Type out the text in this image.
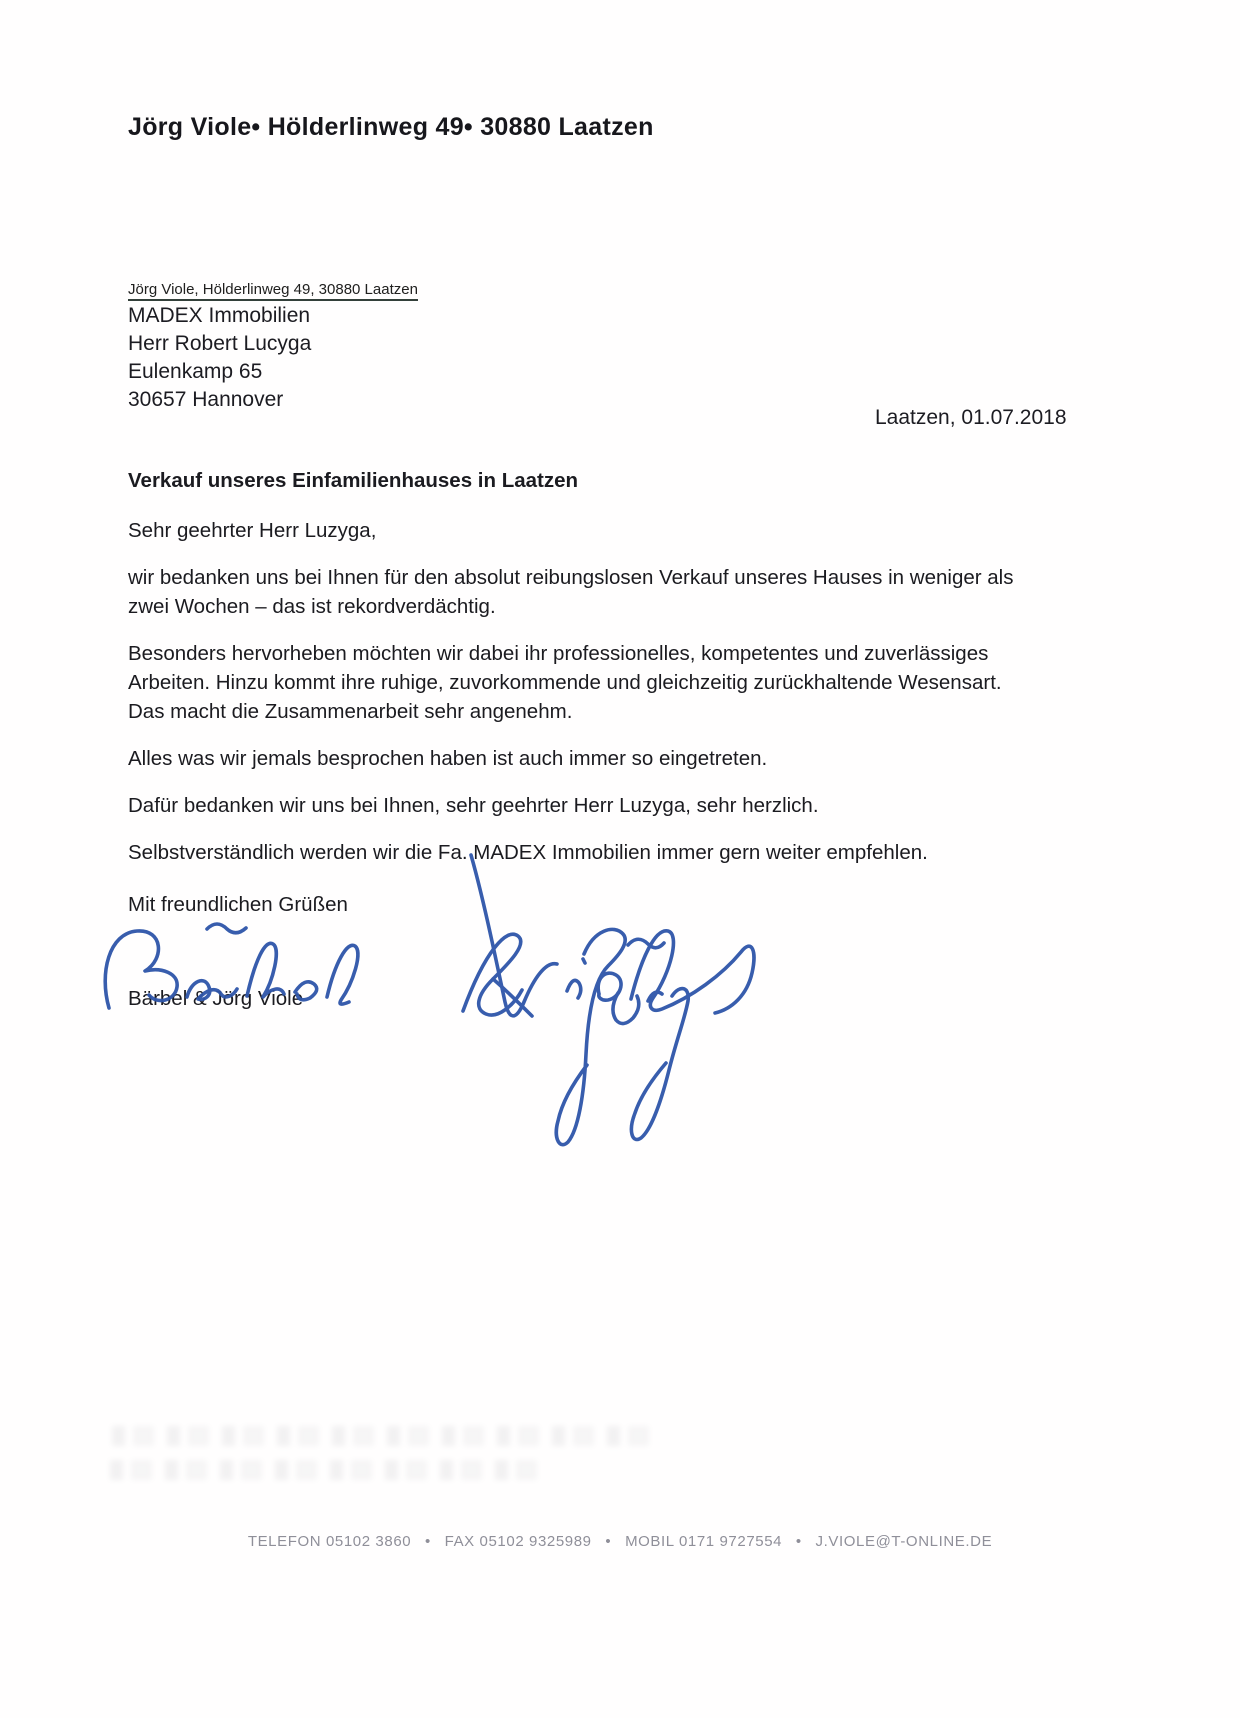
Jörg Viole• Hölderlinweg 49• 30880 Laatzen
Jörg Viole, Hölderlinweg 49, 30880 Laatzen
MADEX Immobilien
Herr Robert Lucyga
Eulenkamp 65
30657 Hannover
Laatzen, 01.07.2018

Verkauf unseres Einfamilienhauses in Laatzen

Sehr geehrter Herr Luzyga,

wir bedanken uns bei Ihnen für den absolut reibungslosen Verkauf unseres Hauses in weniger als zwei Wochen – das ist rekordverdächtig.

Besonders hervorheben möchten wir dabei ihr professionelles, kompetentes und zuverlässiges Arbeiten. Hinzu kommt ihre ruhige, zuvorkommende und gleichzeitig zurückhaltende Wesensart. Das macht die Zusammenarbeit sehr angenehm.

Alles was wir jemals besprochen haben ist auch immer so eingetreten.

Dafür bedanken wir uns bei Ihnen, sehr geehrter Herr Luzyga, sehr herzlich.

Selbstverständlich werden wir die Fa. MADEX Immobilien immer gern weiter empfehlen.

Mit freundlichen Grüßen
Bärbel & Jörg Viole
TELEFON 05102 3860 • FAX 05102 9325989 • MOBIL 0171 9727554 • J.VIOLE@T-ONLINE.DE
